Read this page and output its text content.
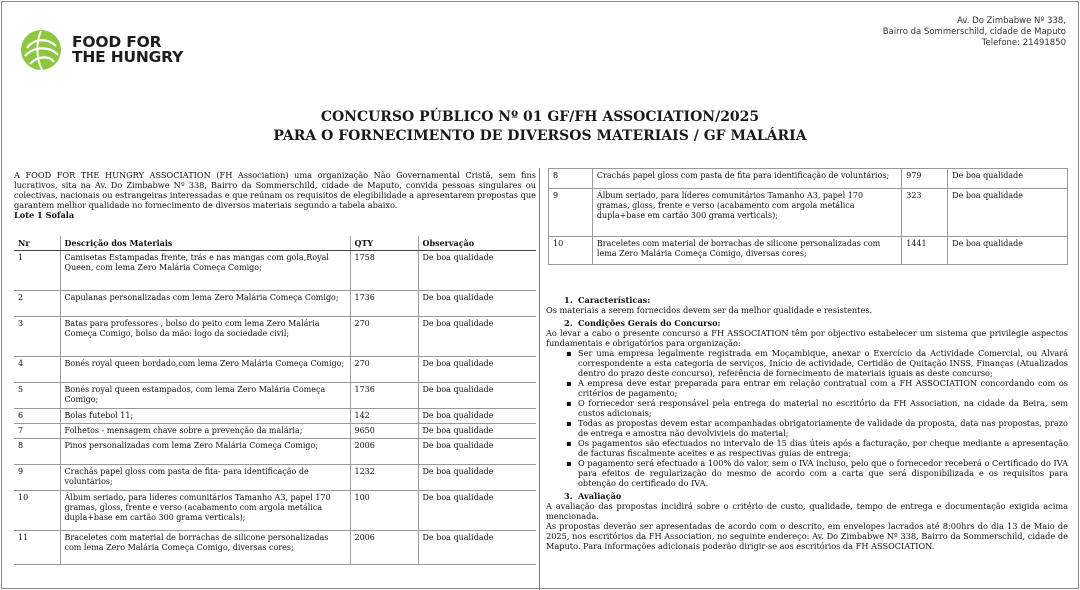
FOOD FOR
THE HUNGRY
Av. Do Zimbabwe Nº 338,
Bairro da Sommerschild, cidade de Maputo
Telefone: 21491850
CONCURSO PÚBLICO Nº 01 GF/FH ASSOCIATION/2025
PARA O FORNECIMENTO DE DIVERSOS MATERIAIS / GF MALÁRIA

A FOOD FOR THE HUNGRY ASSOCIATION (FH Association) uma organização Não Governamental Cristã, sem fins lucrativos, sita na Av. Do Zimbabwe Nº 338, Bairro da Sommerschild, cidade de Maputo, convida pessoas singulares ou colectivas, nacionais ou estrangeiras interessadas e que reúnam os requisitos de elegibilidade a apresentarem propostas que garantem melhor qualidade no fornecimento de diversos materiais segundo a tabela abaixo.

Lote 1 Sofala

Nr	Descrição dos Materiais	QTY	Observação
1	Camisetas Estampadas frente, trás e nas mangas com gola,Royal Queen, com lema Zero Malária Começa Comigo;	1758	De boa qualidade
2	Capulanas personalizadas com lema Zero Malária Começa Comigo;	1736	De boa qualidade
3	Batas para professores , bolso do peito com lema Zero Malária Começa Comigo, bolso da mão: logo da sociedade civil;	270	De boa qualidade
4	Bonés royal queen bordado,com lema Zero Malária Começa Comigo;	270	De boa qualidade
5	Bonés royal queen estampados, com lema Zero Malária Começa Comigo;	1736	De boa qualidade
6	Bolas futebol 11;	142	De boa qualidade
7	Folhetos - mensagem chave sobre a prevenção da malária;	9650	De boa qualidade
8	Pinos personalizadas com lema Zero Malária Começa Comigo;	2006	De boa qualidade
9	Crachás papel gloss com pasta de fita- para identificação de voluntários;	1232	De boa qualidade
10	Álbum seriado, para líderes comunitários Tamanho A3, papel 170 gramas, gloss, frente e verso (acabamento com argola metálica dupla+base em cartão 300 grama verticals);	100	De boa qualidade
11	Braceletes com material de borrachas de silicone personalizadas com lema Zero Malária Começa Comigo, diversas cores;	2006	De boa qualidade
8	Crachás papel gloss com pasta de fita para identificação de voluntários;	979	De boa qualidade
9	Álbum seriado, para líderes comunitários Tamanho A3, papel 170 gramas, gloss, frente e verso (acabamento com argola metálica dupla+base em cartão 300 grama verticals);	323	De boa qualidade
10	Braceletes com material de borrachas de silicone personalizadas com lema Zero Malária Começa Comigo, diversas cores;	1441	De boa qualidade

1. Características:

Os materiais a serem fornecidos devem ser da melhor qualidade e resistentes.

2. Condições Gerais do Concurso:

Ao levar a cabo o presente concurso a FH ASSOCIATION têm por objectivo estabelecer um sistema que privilegie aspectos fundamentais e obrigatórios para organização:

▪ Ser uma empresa legalmente registrada em Moçambique, anexar o Exercício da Actividade Comercial, ou Alvará correspondente a esta categoria de serviços, Início de actividade, Certidão de Quitação INSS, Finanças (Atualizados dentro do prazo deste concurso), referência de fornecimento de materiais iguais as deste concurso;
▪ A empresa deve estar preparada para entrar em relação contratual com a FH ASSOCIATION concordando com os critérios de pagamento;
▪ O fornecedor será responsável pela entrega do material no escritório da FH Association, na cidade da Beira, sem custos adicionais;
▪ Todas as propostas devem estar acompanhadas obrigatoriamente de validade da proposta, data nas propostas, prazo de entrega e amostra não devolvivieis do material;
▪ Os pagamentos são efectuados no intervalo de 15 dias úteis após a facturação, por cheque mediante a apresentação de facturas fiscalmente aceites e as respectivas guias de entrega;
▪ O pagamento será efectuado a 100% do valor, sem o IVA incluso, pelo que o fornecedor receberá o Certificado do IVA para efeitos de regularização do mesmo de acordo com a carta que será disponibilizada e os requisitos para obtenção do certificado do IVA.

3. Avaliação

A avaliação das propostas incidirá sobre o critério de custo, qualidade, tempo de entrega e documentação exigida acima mencionada.

As propostas deverão ser apresentadas de acordo com o descrito, em envelopes lacrados até 8:00hrs do dia 13 de Maio de 2025, nos escritórios da FH Association, no seguinte endereço: Av. Do Zimbabwe Nº 338, Bairro da Sommerschild, cidade de Maputo. Para informações adicionais poderão dirigir-se aos escritórios da FH ASSOCIATION.
